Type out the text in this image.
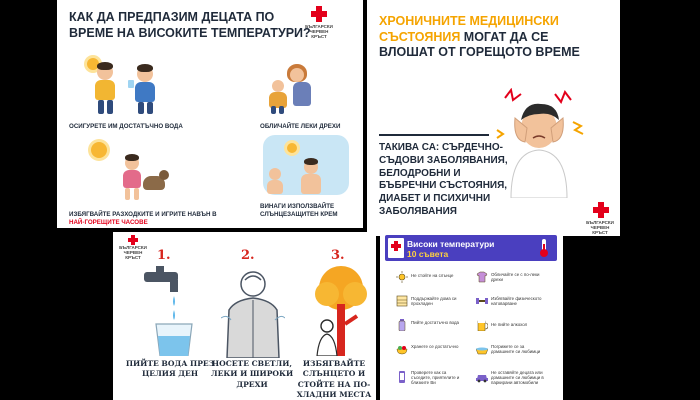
КАК ДА ПРЕДПАЗИМ ДЕЦАТА ПО ВРЕМЕ НА ВИСОКИТЕ ТЕМПЕРАТУРИ?
БЪЛГАРСКИ ЧЕРВЕН КРЪСТ
ОСИГУРЕТЕ ИМ ДОСТАТЪЧНО ВОДА	ОБЛИЧАЙТЕ ЛЕКИ ДРЕХИ
ИЗБЯГВАЙТЕ РАЗХОДКИТЕ И ИГРИТЕ НАВЪН В
НАЙ-ГОРЕЩИТЕ ЧАСОВЕ
ВИНАГИ ИЗПОЛЗВАЙТЕ СЛЪНЦЕЗАЩИТЕН КРЕМ
ХРОНИЧНИТЕ МЕДИЦИНСКИ СЪСТОЯНИЯ МОГАТ ДА СЕ ВЛОШАТ ОТ ГОРЕЩОТО ВРЕМЕ
ТАКИВА СА: СЪРДЕЧНО-СЪДОВИ ЗАБОЛЯВАНИЯ, БЕЛОДРОБНИ И БЪБРЕЧНИ СЪСТОЯНИЯ, ДИАБЕТ И ПСИХИЧНИ ЗАБОЛЯВАНИЯ
БЪЛГАРСКИ ЧЕРВЕН КРЪСТ
БЪЛГАРСКИ ЧЕРВЕН КРЪСТ	1.	2.	3.
ПИЙТЕ ВОДА ПРЕЗ ЦЕЛИЯ ДЕН
НОСЕТЕ СВЕТЛИ, ЛЕКИ И ШИРОКИ ДРЕХИ
ИЗБЯГВАЙТЕ СЛЪНЦЕТО И СТОЙТЕ НА ПО-ХЛАДНИ МЕСТА
Високи температури
10 съвета
Не стойте на слънце
Поддържайте дома си прохладен
Пийте достатъчно вода
Хранете се достатъчно
Проверете как са съседите, приятелите и близките Ви
Обличайте се с по-леки дрехи
Избягвайте физическото натоварване
Не пийте алкохол
Погрижете се за домашните си любимци
Не оставяйте децата или домашните си любимци в паркирани автомобили
